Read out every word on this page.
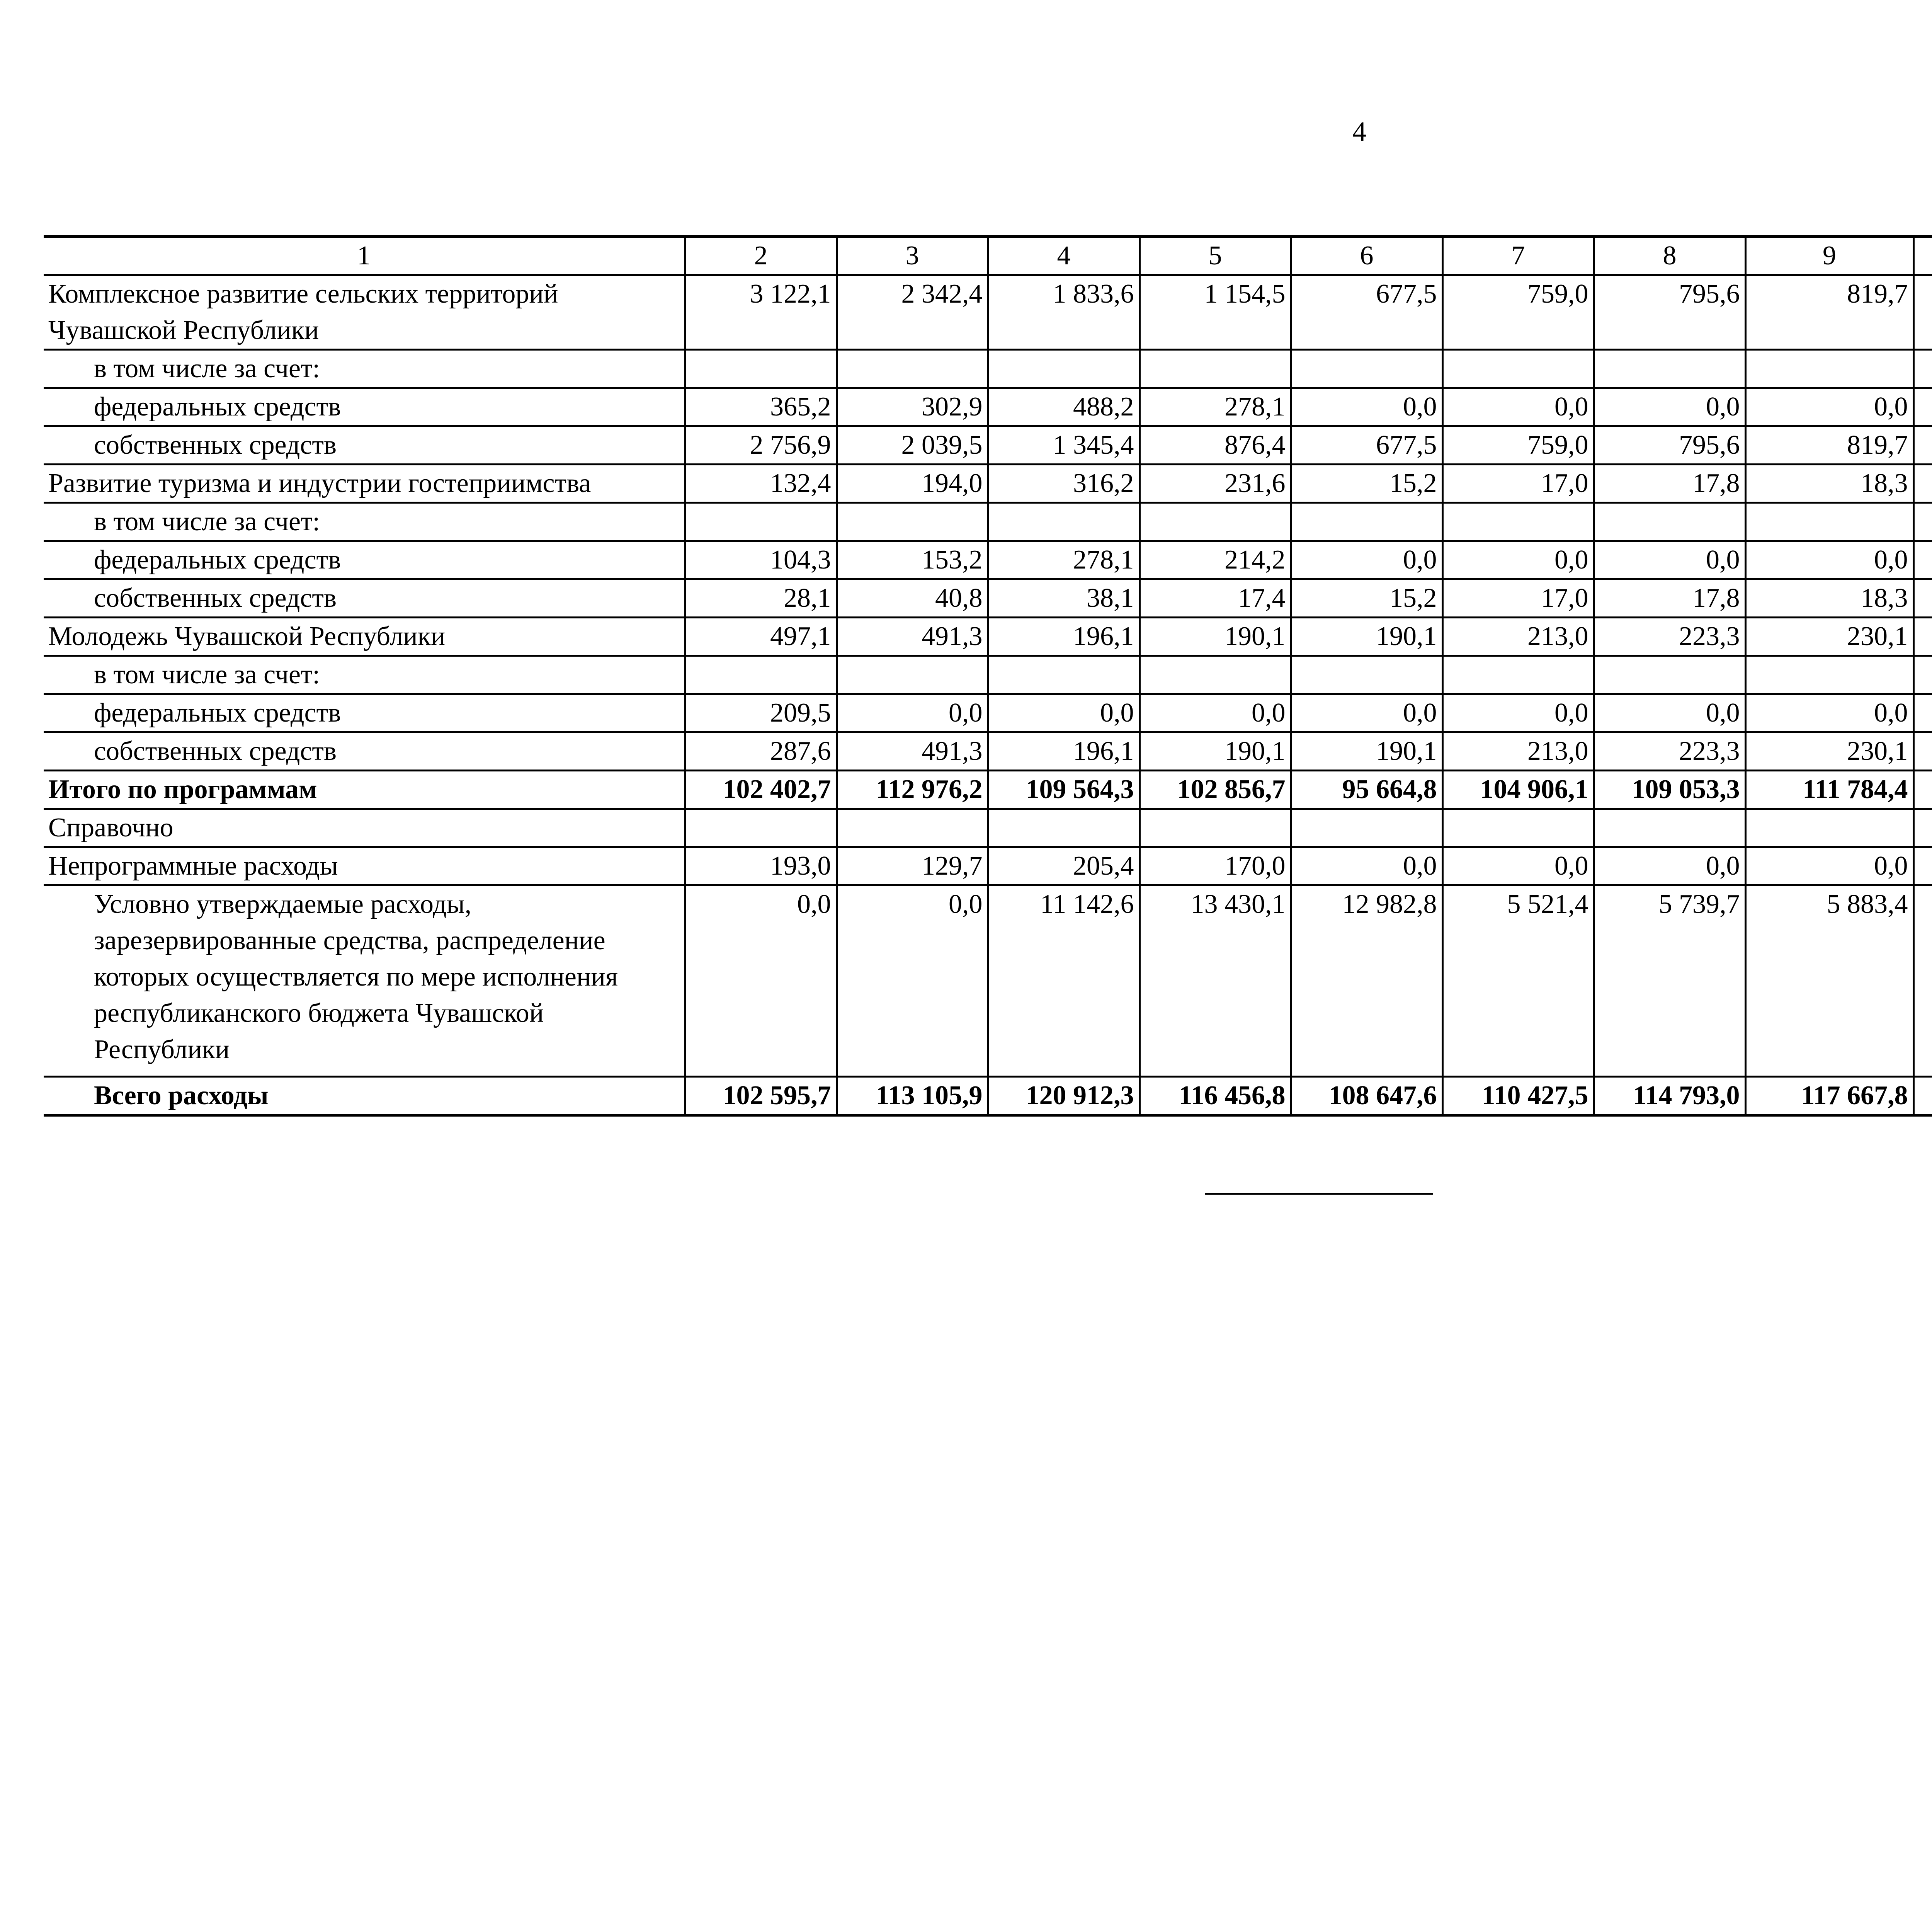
4
1	2	3	4	5	6	7	8	9				
Комплексное развитие сельских территорий Чувашской Республики	3 122,1	2 342,4	1 833,6	1 154,5	677,5	759,0	795,6	819,7				
в том числе за счет:												
федеральных средств	365,2	302,9	488,2	278,1	0,0	0,0	0,0	0,0				
собственных средств	2 756,9	2 039,5	1 345,4	876,4	677,5	759,0	795,6	819,7				
Развитие туризма и индустрии гостеприимства	132,4	194,0	316,2	231,6	15,2	17,0	17,8	18,3				
в том числе за счет:												
федеральных средств	104,3	153,2	278,1	214,2	0,0	0,0	0,0	0,0				
собственных средств	28,1	40,8	38,1	17,4	15,2	17,0	17,8	18,3				
Молодежь Чувашской Республики	497,1	491,3	196,1	190,1	190,1	213,0	223,3	230,1				
в том числе за счет:												
федеральных средств	209,5	0,0	0,0	0,0	0,0	0,0	0,0	0,0				
собственных средств	287,6	491,3	196,1	190,1	190,1	213,0	223,3	230,1				
Итого по программам	102 402,7	112 976,2	109 564,3	102 856,7	95 664,8	104 906,1	109 053,3	111 784,4				
Справочно												
Непрограммные расходы	193,0	129,7	205,4	170,0	0,0	0,0	0,0	0,0				
Условно утверждаемые расходы, зарезервированные средства, распределение которых осуществляется по мере исполнения республиканского бюджета Чувашской Республики	0,0	0,0	11 142,6	13 430,1	12 982,8	5 521,4	5 739,7	5 883,4				
Всего расходы	102 595,7	113 105,9	120 912,3	116 456,8	108 647,6	110 427,5	114 793,0	117 667,8				
